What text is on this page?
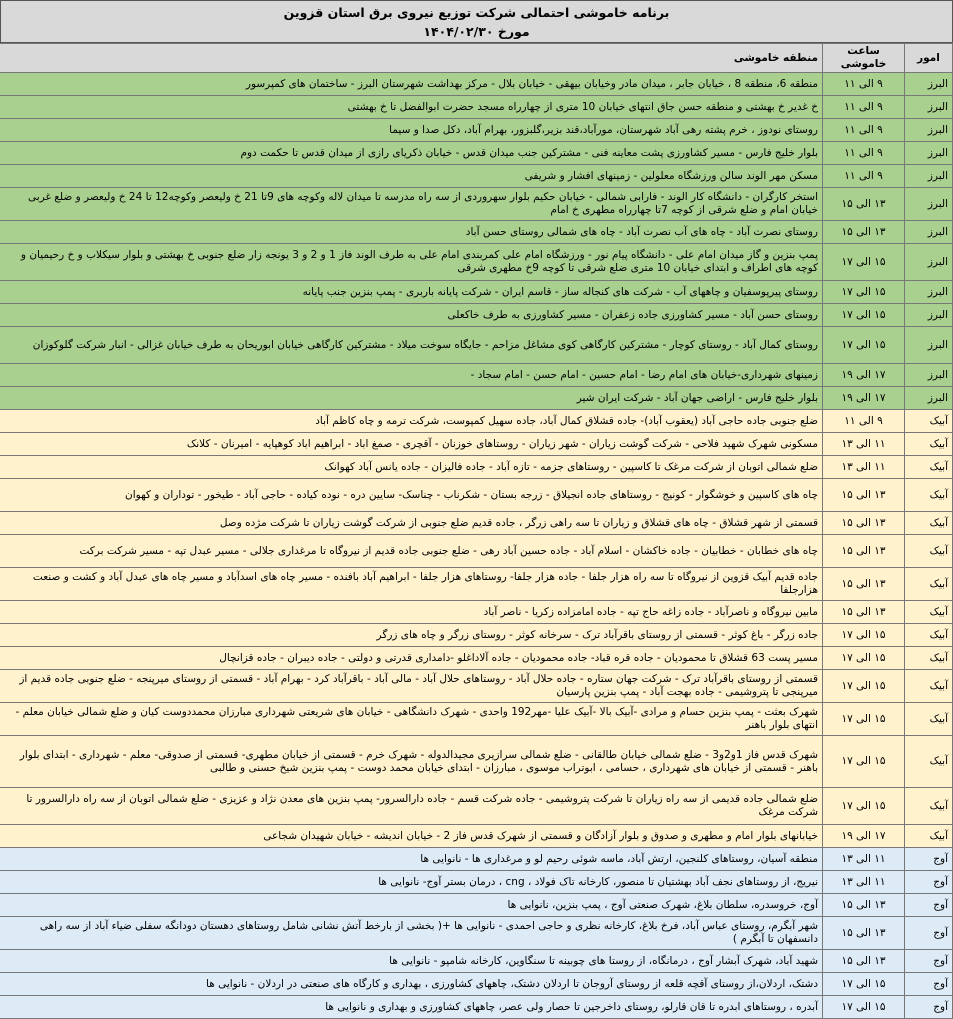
برنامه خاموشی احتمالی شرکت توزیع نیروی برق استان قزوین
مورخ ۱۴۰۴/۰۲/۳۰
امور	ساعت خاموشی	منطقه خاموشی
البرز	۹ الی ۱۱	منطقه 6، منطقه 8 ، خیابان جابر ، میدان مادر وخیابان بیهقی - خیابان بلال - مرکز بهداشت شهرستان البرز - ساختمان های کمپرسور
البرز	۹ الی ۱۱	خ غدیر خ بهشتی و منطقه حسن جاق انتهای خیابان 10 متری از چهارراه مسجد حضرت ابوالفضل تا خ بهشتی
البرز	۹ الی ۱۱	روستای نودوز ، خرم پشته رهی آباد شهرستان، مورآباد،قند بزیر،گلبزور، بهرام آباد، دکل صدا و سیما
البرز	۹ الی ۱۱	بلوار خلیج فارس - مسیر کشاورزی پشت معاینه فنی - مشترکین جنب میدان قدس - خیابان ذکریای رازی از میدان قدس تا حکمت دوم
البرز	۹ الی ۱۱	مسکن مهر الوند سالن ورزشگاه معلولین - زمینهای افشار و شریفی
البرز	۱۳ الی ۱۵	استخر کارگران - دانشگاه کار الوند - فارابی شمالی - خیابان حکیم بلوار سهروردی از سه راه مدرسه تا میدان لاله وکوچه های 9تا 21 خ ولیعصر وکوچه12 تا 24 خ ولیعصر و ضلع غربی خیابان امام و ضلع شرقی از کوچه 7تا چهارراه مطهری خ امام
البرز	۱۳ الی ۱۵	روستای نصرت آباد - چاه های آب نصرت آباد - چاه های شمالی روستای حسن آباد
البرز	۱۵ الی ۱۷	پمپ بنزین و گاز میدان امام علی - دانشگاه پیام نور - ورزشگاه امام علی کمربندی امام علی به طرف الوند فاز 1 و 2 و 3 یونجه زار ضلع جنوبی خ بهشتی و بلوار سیکلاب و خ رحیمیان و کوچه های اطراف و ابتدای خیابان 10 متری ضلع شرقی تا کوچه 9خ مطهری شرقی
البرز	۱۵ الی ۱۷	روستای پیرپوسفیان و چاههای آب - شرکت های کنجاله ساز - قاسم ایران - شرکت پایانه باربری - پمپ بنزین جنب پایانه
البرز	۱۵ الی ۱۷	روستای حسن آباد - مسیر کشاورزی جاده زعفران - مسیر کشاورزی به طرف خاکعلی
البرز	۱۵ الی ۱۷	روستای کمال آباد - روستای کوچار - مشترکین کارگاهی کوی مشاغل مزاحم - جایگاه سوخت میلاد - مشترکین کارگاهی خیابان ابوریحان به طرف خیابان غزالی - انبار شرکت گلوکوزان
البرز	۱۷ الی ۱۹	زمینهای شهرداری-خیابان های امام رضا - امام حسین - امام حسن - امام سجاد -
البرز	۱۷ الی ۱۹	بلوار خلیج فارس - اراضی جهان آباد - شرکت ایران شیر
آبیک	۹ الی ۱۱	ضلع جنوبی جاده حاجی آباد (یعقوب آباد)- جاده قشلاق کمال آباد، جاده سهیل کمپوست، شرکت ترمه و چاه کاظم آباد
آبیک	۱۱ الی ۱۳	مسکونی شهرک شهید فلاحی - شرکت گوشت زیاران - شهر زیاران - روستاهای خوزنان - آقچری - صمغ اباد - ابراهیم اباد کوهپایه - امیرنان - کلانک
آبیک	۱۱ الی ۱۳	ضلع شمالی اتوبان از شرکت مرغک تا کاسپین - روستاهای جزمه - تازه آباد - جاده فالیزان - جاده یانس آباد کهوانک
آبیک	۱۳ الی ۱۵	چاه های کاسپین و خوشگوار - کونیج - روستاهای جاده انجیلاق - زرجه بستان - شکرناب - چناسک- سایین دره - نوده کیاده - حاجی آباد - طیخور - توداران و کهوان
آبیک	۱۳ الی ۱۵	قسمتی از شهر قشلاق - چاه های قشلاق و زیاران تا سه راهی زرگر ، جاده قدیم ضلع جنوبی از شرکت گوشت زیاران تا شرکت مژده وصل
آبیک	۱۳ الی ۱۵	چاه های خطابان - خطابیان - جاده خاکشان - اسلام آباد - جاده حسین آباد رهی - ضلع جنوبی جاده قدیم از نیروگاه تا مرغداری جلالی - مسیر عبدل تپه - مسیر شرکت برکت
آبیک	۱۳ الی ۱۵	جاده قدیم آبیک قزوین از نیروگاه تا سه راه هزار جلفا - جاده هزار جلفا- روستاهای هزار جلفا - ابراهیم آباد بافنده - مسیر چاه های اسدآباد و مسیر چاه های عبدل آباد و کشت و صنعت هزارجلفا
آبیک	۱۳ الی ۱۵	مابین نیروگاه و ناصرآباد - جاده زاغه حاج تپه - جاده امامزاده زکریا - ناصر آباد
آبیک	۱۵ الی ۱۷	جاده زرگر - باغ کوثر - قسمتی از روستای باقرآباد ترک - سرخانه کوثر - روستای زرگر و چاه های زرگر
آبیک	۱۵ الی ۱۷	مسیر پست 63 قشلاق تا محمودیان - جاده قره قباد- جاده محمودیان - جاده آلاداغلو -دامداری قدرتی و دولتی - جاده دیبران - جاده قزانچال
آبیک	۱۵ الی ۱۷	قسمتی از روستای باقرآباد ترک - شرکت جهان ستاره - جاده حلال آباد - روستاهای حلال آباد - مالی آباد - باقرآباد کرد - بهرام آباد - قسمتی از روستای میرپنجه - ضلع جنوبی جاده قدیم از میرپنجی تا پتروشیمی - جاده بهجت آباد - پمپ بنزین پارسیان
آبیک	۱۵ الی ۱۷	شهرک بعثت - پمپ بنزین حسام و مرادی -آبیک بالا -آبیک علیا -مهر192 واحدی - شهرک دانشگاهی - خیابان های شریعتی شهرداری مبارزان محمددوست کیان و ضلع شمالی خیابان معلم - انتهای بلوار باهنر
آبیک	۱۵ الی ۱۷	شهرک قدس فاز 1و2و3 - ضلع شمالی خیابان طالقانی - ضلع شمالی سرازیری مجیدالدوله - شهرک خرم - قسمتی از خیابان مطهری- قسمتی از صدوقی- معلم - شهرداری - ابتدای بلوار باهنر - قسمتی از خیابان های شهرداری ، حسامی ، ابوتراب موسوی ، مبارزان - ابتدای خیابان محمد دوست - پمپ بنزین شیخ حسنی و طالبی
آبیک	۱۵ الی ۱۷	ضلع شمالی جاده قدیمی از سه راه زیاران تا شرکت پتروشیمی - جاده شرکت قسم - جاده دارالسرور- پمپ بنزین های معدن نژاد و عزیزی - ضلع شمالی اتوبان از سه راه دارالسرور تا شرکت مرغک
آبیک	۱۷ الی ۱۹	خیابانهای بلوار امام و مطهری و صدوق و بلوار آزادگان و قسمتی از شهرک قدس فاز 2 - خیابان اندیشه - خیابان شهیدان شجاعی
آوج	۱۱ الی ۱۳	منطقه آسیان، روستاهای کلنجین، ارتش آباد، ماسه شوئی رحیم لو و مرغداری ها - نانوایی ها
آوج	۱۱ الی ۱۳	نیریج، از روستاهای نجف آباد بهشتیان تا منصور، کارخانه تاک فولاد ، cng ، درمان بستر آوج- نانوایی ها
آوج	۱۳ الی ۱۵	آوج، خروسدره، سلطان بلاغ، شهرک صنعتی آوج ، پمپ بنزین، نانوایی ها
آوج	۱۳ الی ۱۵	شهر آبگرم، روستای عباس آباد، فرخ بلاغ، کارخانه نظری و حاجی احمدی - نانوایی ها +( بخشی از بارخط آتش نشانی شامل روستاهای دهستان دودانگه سفلی ضیاء آباد از سه راهی دانسفهان تا آبگرم )
آوج	۱۳ الی ۱۵	شهید آباد، شهرک آبشار آوج ، درمانگاه، از روستا های چوبینه تا سنگاوین، کارخانه شامپو - نانوایی ها
آوج	۱۵ الی ۱۷	دشتک، اردلان،از روستای آقچه قلعه از روستای آروجان تا اردلان دشتک، چاههای کشاورزی ، بهداری و کارگاه های صنعتی در اردلان - نانوایی ها
آوج	۱۵ الی ۱۷	آبدره ، روستاهای ابدره تا قان قارلو، روستای داخرجین تا حصار ولی عصر، چاههای کشاورزی و بهداری و نانوایی ها
